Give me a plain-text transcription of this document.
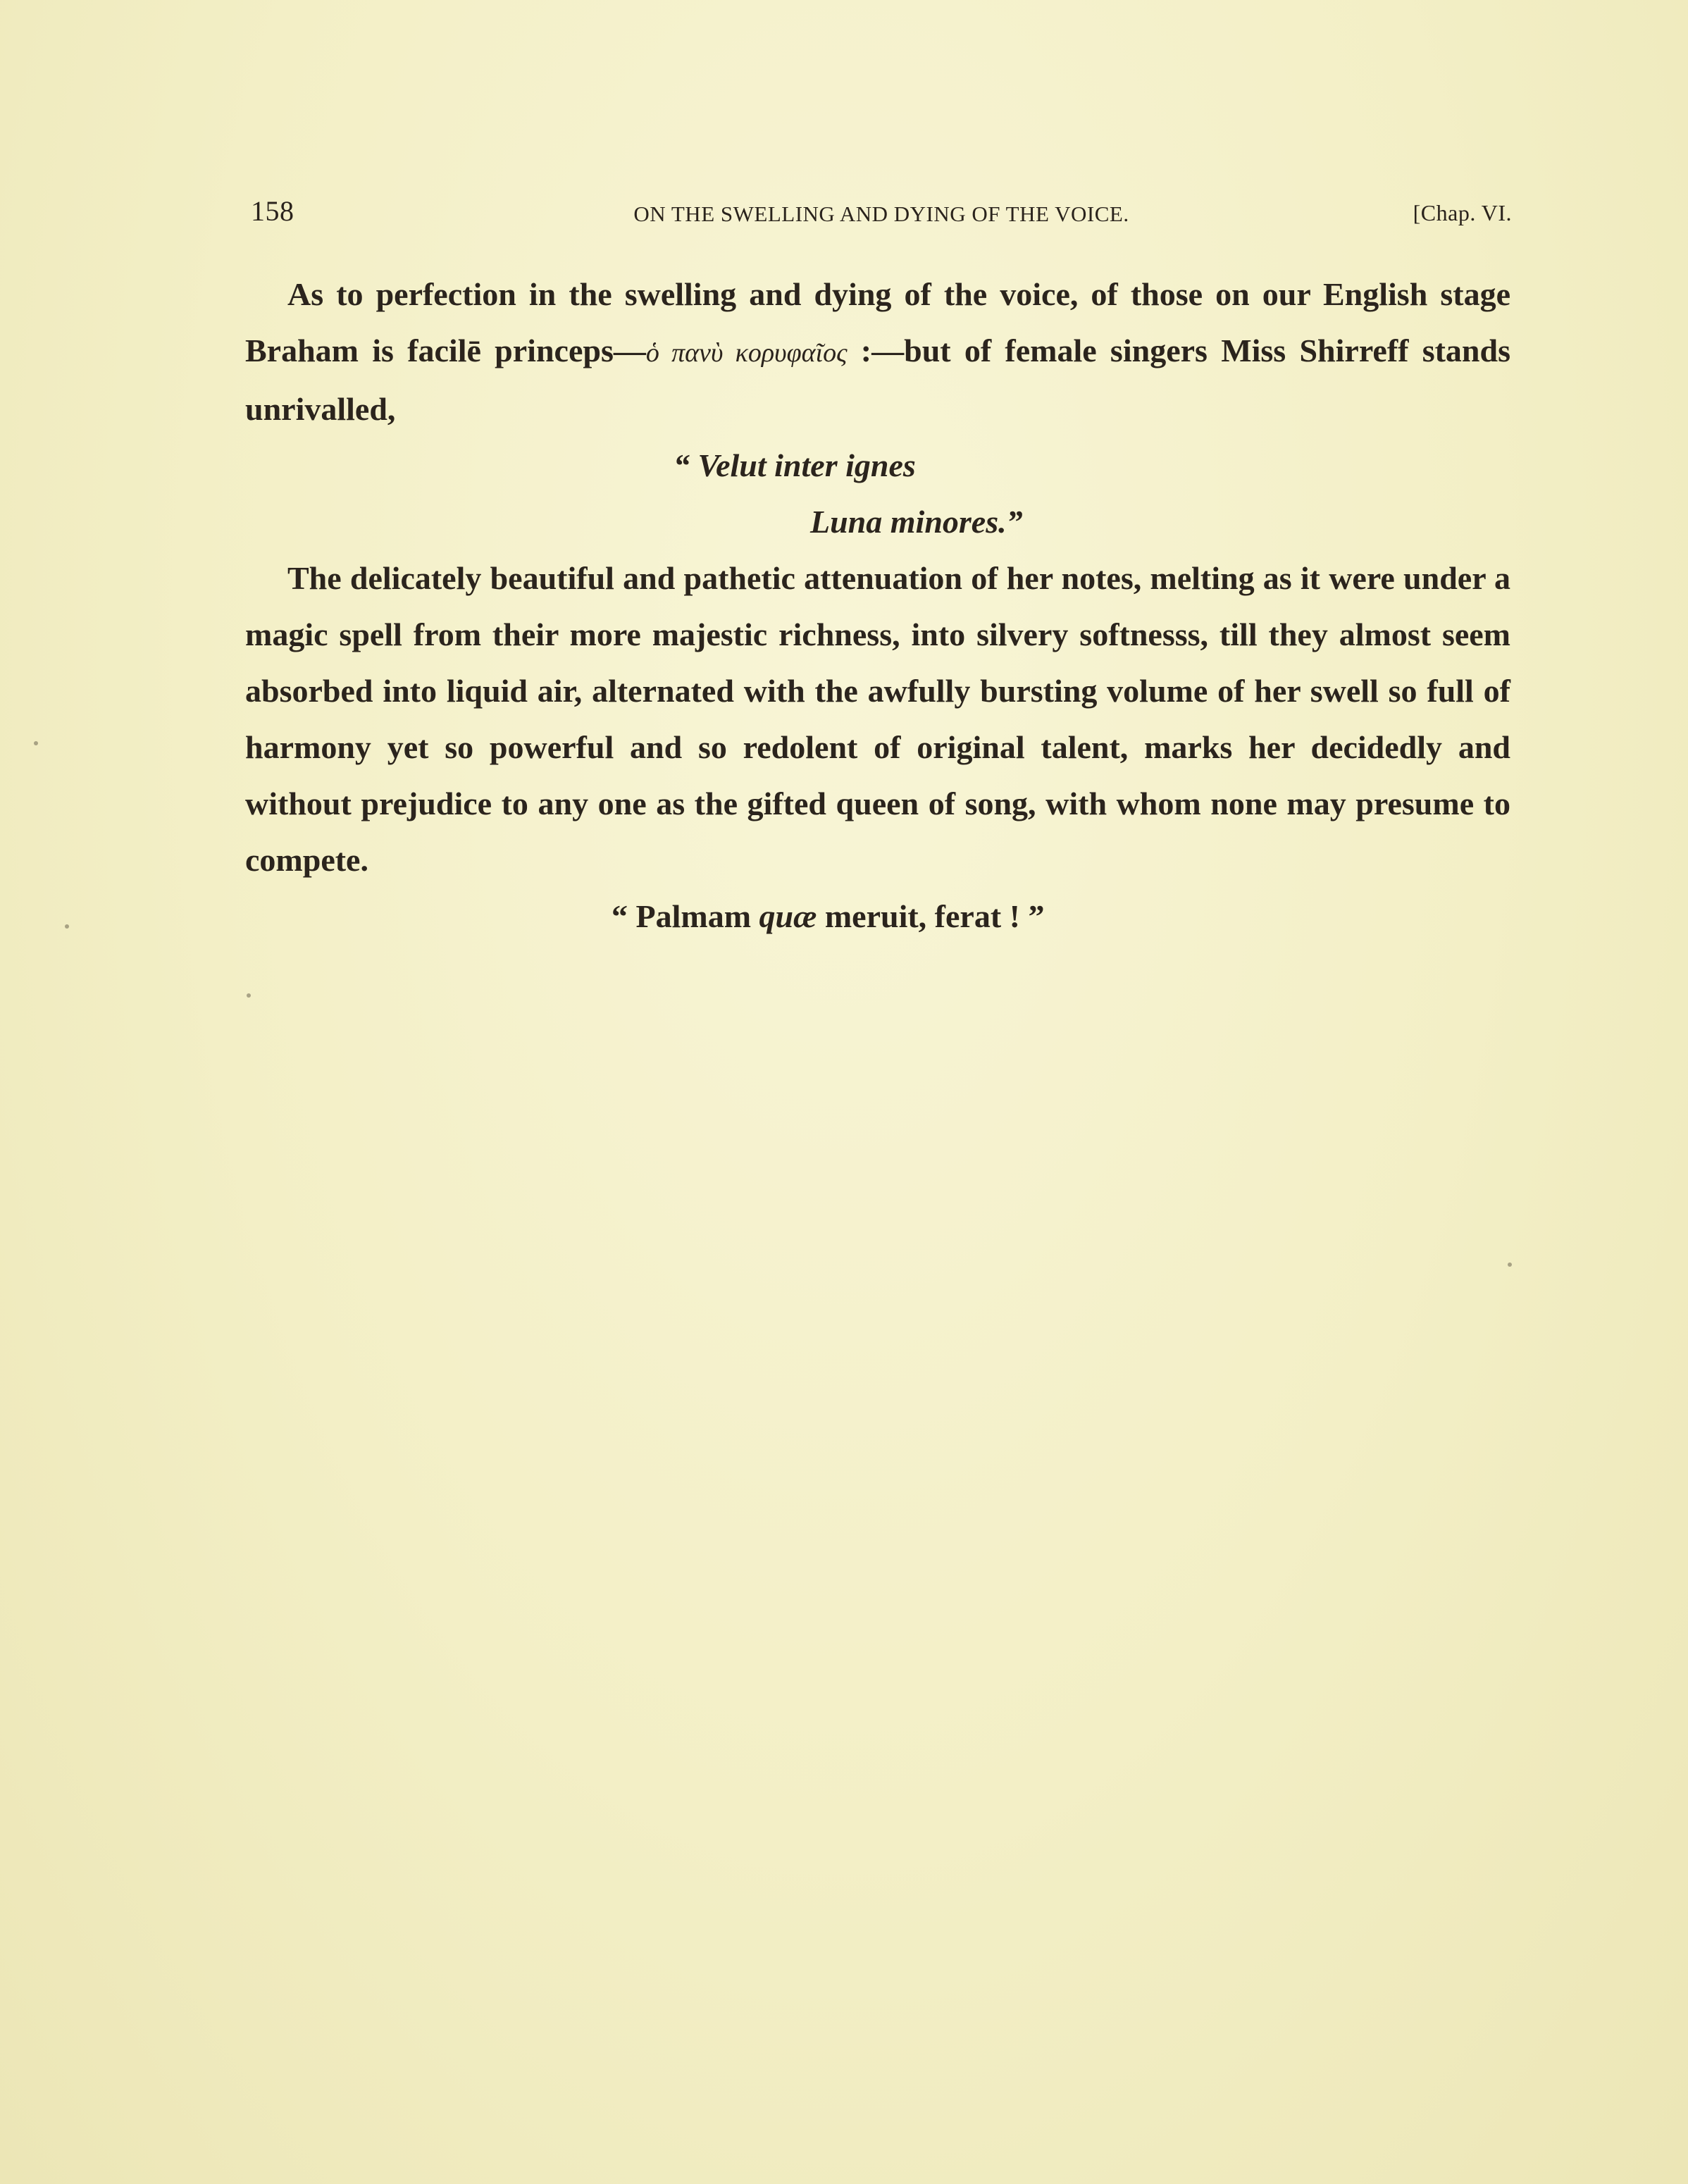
158	ON THE SWELLING AND DYING OF THE VOICE.	[Chap. VI.

As to perfection in the swelling and dying of the voice, of those on our English stage Braham is facilē princeps—ὁ πανὺ κορυφαῖος :—but of female singers Miss Shirreff stands unrivalled,

“ Velut inter ignes

Luna minores.”

The delicately beautiful and pathetic attenuation of her notes, melting as it were under a magic spell from their more majestic richness, into silvery softnesss, till they almost seem absorbed into liquid air, alternated with the awfully bursting volume of her swell so full of harmony yet so powerful and so redolent of original talent, marks her decidedly and without prejudice to any one as the gifted queen of song, with whom none may presume to compete.

“ Palmam quæ meruit, ferat ! ”
